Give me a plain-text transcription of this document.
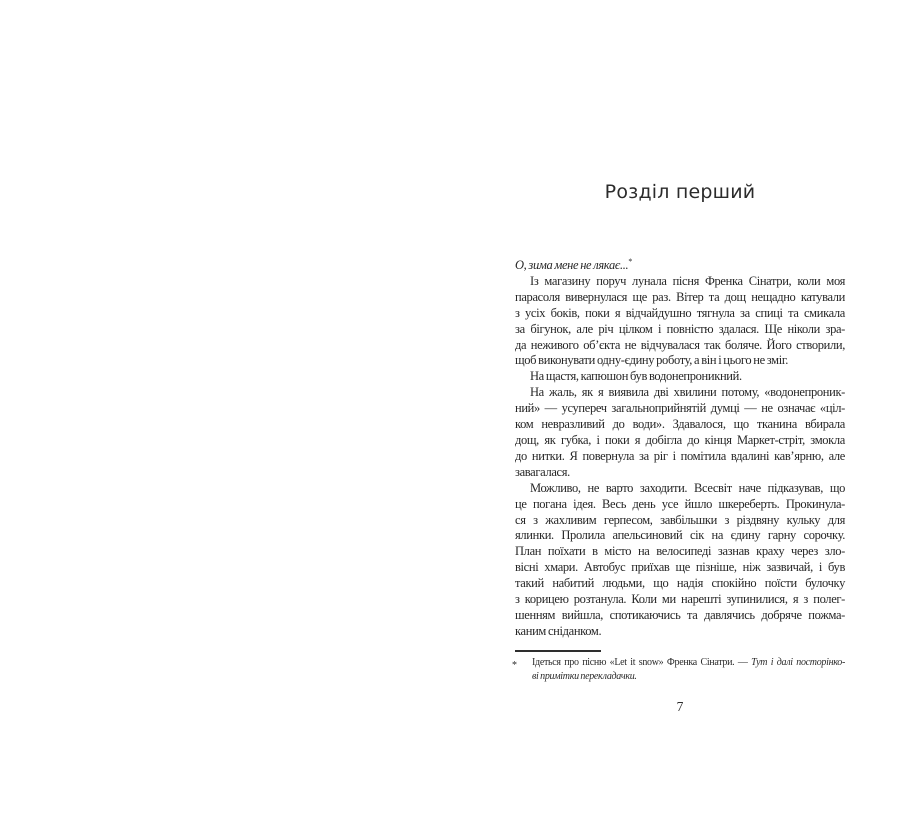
Розділ перший
О, зима мене не лякає...*
Із магазину поруч лунала пісня Френка Сінатри, коли моя
парасоля вивернулася ще раз. Вітер та дощ нещадно катували
з усіх боків, поки я відчайдушно тягнула за спиці та смикала
за бігунок, але річ цілком і повністю здалася. Ще ніколи зра-
да неживого об’єкта не відчувалася так боляче. Його створили,
щоб виконувати одну-єдину роботу, а він і цього не зміг.
На щастя, капюшон був водонепроникний.
На жаль, як я виявила дві хвилини потому, «водонепроник-
ний» — усупереч загальноприйнятій думці — не означає «ціл-
ком невразливий до води». Здавалося, що тканина вбирала
дощ, як губка, і поки я добігла до кінця Маркет-стріт, змокла
до нитки. Я повернула за ріг і помітила вдалині кав’ярню, але
завагалася.
Можливо, не варто заходити. Всесвіт наче підказував, що
це погана ідея. Весь день усе йшло шкереберть. Прокинула-
ся з жахливим герпесом, завбільшки з різдвяну кульку для
ялинки. Пролила апельсиновий сік на єдину гарну сорочку.
План поїхати в місто на велосипеді зазнав краху через зло-
вісні хмари. Автобус приїхав ще пізніше, ніж зазвичай, і був
такий набитий людьми, що надія спокійно поїсти булочку
з корицею розтанула. Коли ми нарешті зупинилися, я з полег-
шенням вийшла, спотикаючись та давлячись добряче пожма-
каним сніданком.
* Ідеться про пісню «Let it snow» Френка Сінатри. — Тут і далі посторінко-
ві примітки перекладачки.
7
